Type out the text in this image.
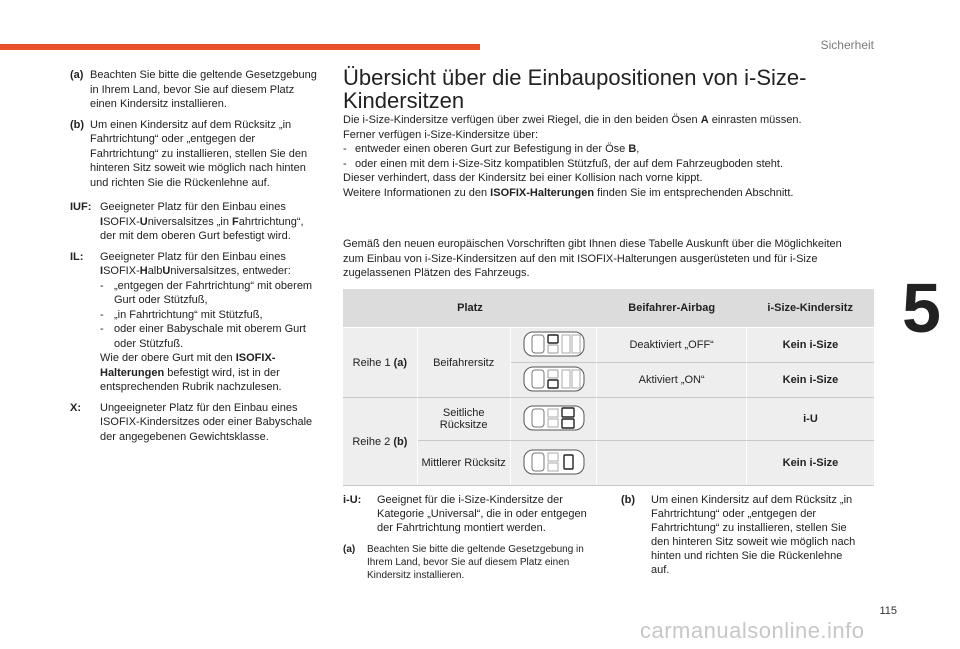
Sicherheit
5
(a) Beachten Sie bitte die geltende Gesetzgebung in Ihrem Land, bevor Sie auf diesem Platz einen Kindersitz installieren.
(b) Um einen Kindersitz auf dem Rücksitz „in Fahrtrichtung“ oder „entgegen der Fahrtrichtung“ zu installieren, stellen Sie den hinteren Sitz soweit wie möglich nach hinten und richten Sie die Rückenlehne auf.
IUF: Geeigneter Platz für den Einbau eines ISOFIX-Universalsitzes „in Fahrtrichtung“, der mit dem oberen Gurt befestigt wird.
IL:	Geeigneter Platz für den Einbau eines ISOFIX-HalbUniversalsitzes, entweder:
- „entgegen der Fahrtrichtung“ mit oberem Gurt oder Stützfuß,
- „in Fahrtrichtung“ mit Stützfuß,
- oder einer Babyschale mit oberem Gurt oder Stützfuß.
Wie der obere Gurt mit den ISOFIX-Halterungen befestigt wird, ist in der entsprechenden Rubrik nachzulesen.
X:	Ungeeigneter Platz für den Einbau eines ISOFIX-Kindersitzes oder einer Babyschale der angegebenen Gewichtsklasse.
Übersicht über die Einbaupositionen von i-Size-Kindersitzen
Die i-Size-Kindersitze verfügen über zwei Riegel, die in den beiden Ösen A einrasten müssen.
Ferner verfügen i-Size-Kindersitze über:
- entweder einen oberen Gurt zur Befestigung in der Öse B,
- oder einen mit dem i-Size-Sitz kompatiblen Stützfuß, der auf dem Fahrzeugboden steht.
Dieser verhindert, dass der Kindersitz bei einer Kollision nach vorne kippt.
Weitere Informationen zu den ISOFIX-Halterungen finden Sie im entsprechenden Abschnitt.
Gemäß den neuen europäischen Vorschriften gibt Ihnen diese Tabelle Auskunft über die Möglichkeiten zum Einbau von i-Size-Kindersitzen auf den mit ISOFIX-Halterungen ausgerüsteten und für i-Size zugelassenen Plätzen des Fahrzeugs.
Platz			Beifahrer-Airbag	i-Size-Kindersitz
Reihe 1 (a)	Beifahrersitz		Deaktiviert „OFF“	Kein i-Size
	Aktiviert „ON“	Kein i-Size
Reihe 2 (b)	Seitliche Rücksitze			i-U
	Mittlerer Rücksitz			Kein i-Size
i-U:	Geeignet für die i-Size-Kindersitze der Kategorie „Universal“, die in oder entgegen der Fahrtrichtung montiert werden.
(a)	Beachten Sie bitte die geltende Gesetzgebung in Ihrem Land, bevor Sie auf diesem Platz einen Kindersitz installieren.
(b)	Um einen Kindersitz auf dem Rücksitz „in Fahrtrichtung“ oder „entgegen der Fahrtrichtung“ zu installieren, stellen Sie den hinteren Sitz soweit wie möglich nach hinten und richten Sie die Rückenlehne auf.
115
carmanualsonline.info
